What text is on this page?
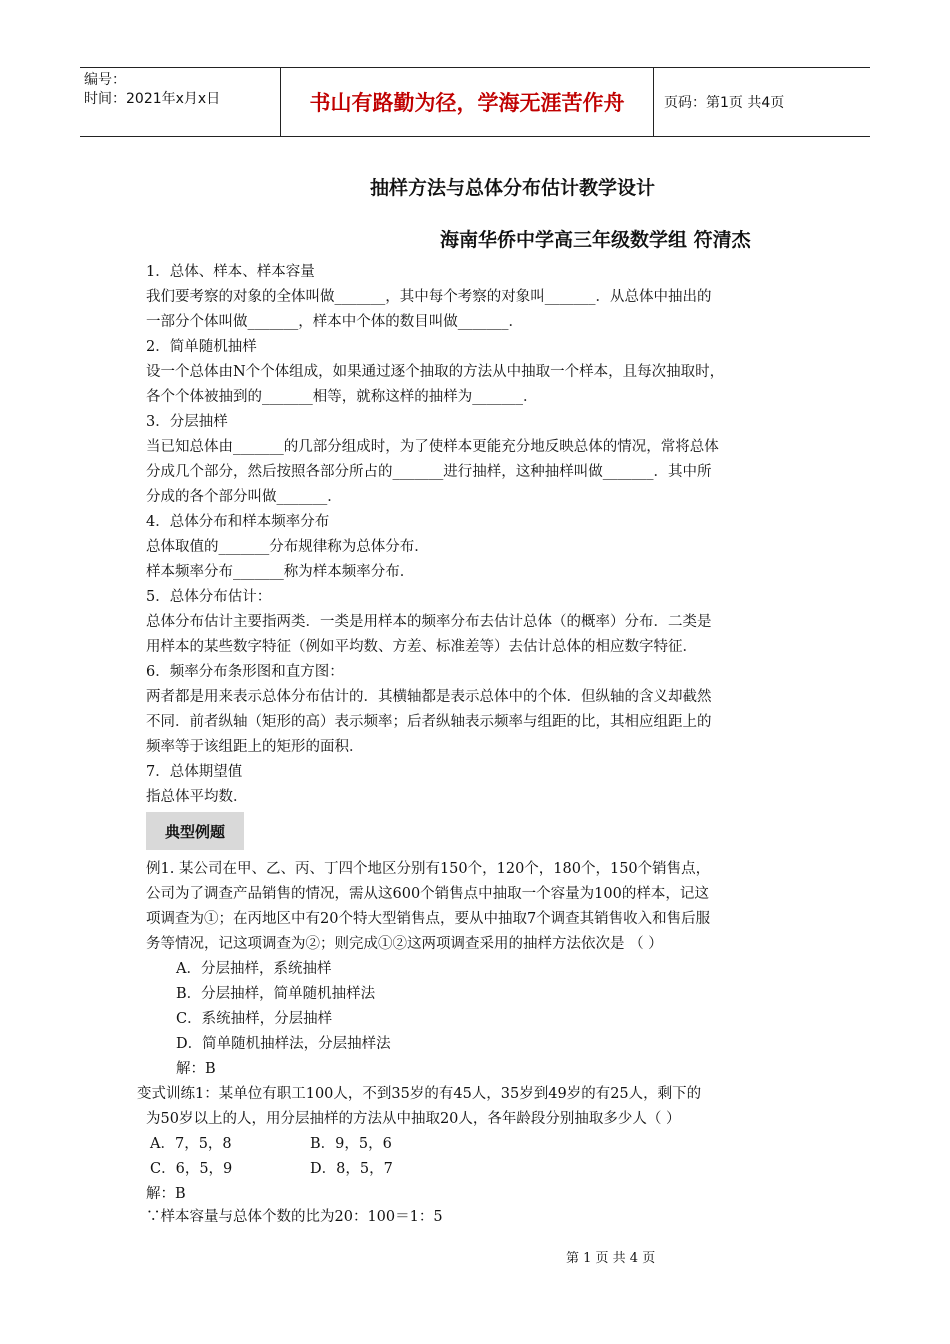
编号：
时间：2021年x月x日	书山有路勤为径，学海无涯苦作舟	页码：第1页 共4页
抽样方法与总体分布估计教学设计
海南华侨中学高三年级数学组 符清杰
1．总体、样本、样本容量
我们要考察的对象的全体叫做_______，其中每个考察的对象叫_______．从总体中抽出的
一部分个体叫做_______，样本中个体的数目叫做_______．
2．简单随机抽样
设一个总体由N个个体组成，如果通过逐个抽取的方法从中抽取一个样本，且每次抽取时，
各个个体被抽到的_______相等，就称这样的抽样为_______．
3．分层抽样
当已知总体由_______的几部分组成时，为了使样本更能充分地反映总体的情况，常将总体
分成几个部分，然后按照各部分所占的_______进行抽样，这种抽样叫做_______．其中所
分成的各个部分叫做_______．
4．总体分布和样本频率分布
总体取值的_______分布规律称为总体分布．
样本频率分布_______称为样本频率分布．
5．总体分布估计：
总体分布估计主要指两类．一类是用样本的频率分布去估计总体（的概率）分布．二类是
用样本的某些数字特征（例如平均数、方差、标准差等）去估计总体的相应数字特征．
6．频率分布条形图和直方图：
两者都是用来表示总体分布估计的．其横轴都是表示总体中的个体．但纵轴的含义却截然
不同．前者纵轴（矩形的高）表示频率；后者纵轴表示频率与组距的比，其相应组距上的
频率等于该组距上的矩形的面积．
7．总体期望值
指总体平均数．
例1. 某公司在甲、乙、丙、丁四个地区分别有150个，120个，180个，150个销售点，
公司为了调查产品销售的情况，需从这600个销售点中抽取一个容量为100的样本，记这
项调查为①；在丙地区中有20个特大型销售点，要从中抽取7个调查其销售收入和售后服
务等情况，记这项调查为②；则完成①②这两项调查采用的抽样方法依次是 （ ）
A．分层抽样，系统抽样
B．分层抽样，简单随机抽样法
C．系统抽样，分层抽样
D．简单随机抽样法，分层抽样法
解：B
变式训练1：某单位有职工100人，不到35岁的有45人，35岁到49岁的有25人，剩下的
为50岁以上的人，用分层抽样的方法从中抽取20人，各年龄段分别抽取多少人（ ）
A．7，5，8	B．9，5，6
C．6，5，9	D．8，5，7
解：B
∵样本容量与总体个数的比为20：100＝1：5
典型例题
第 1 页 共 4 页
